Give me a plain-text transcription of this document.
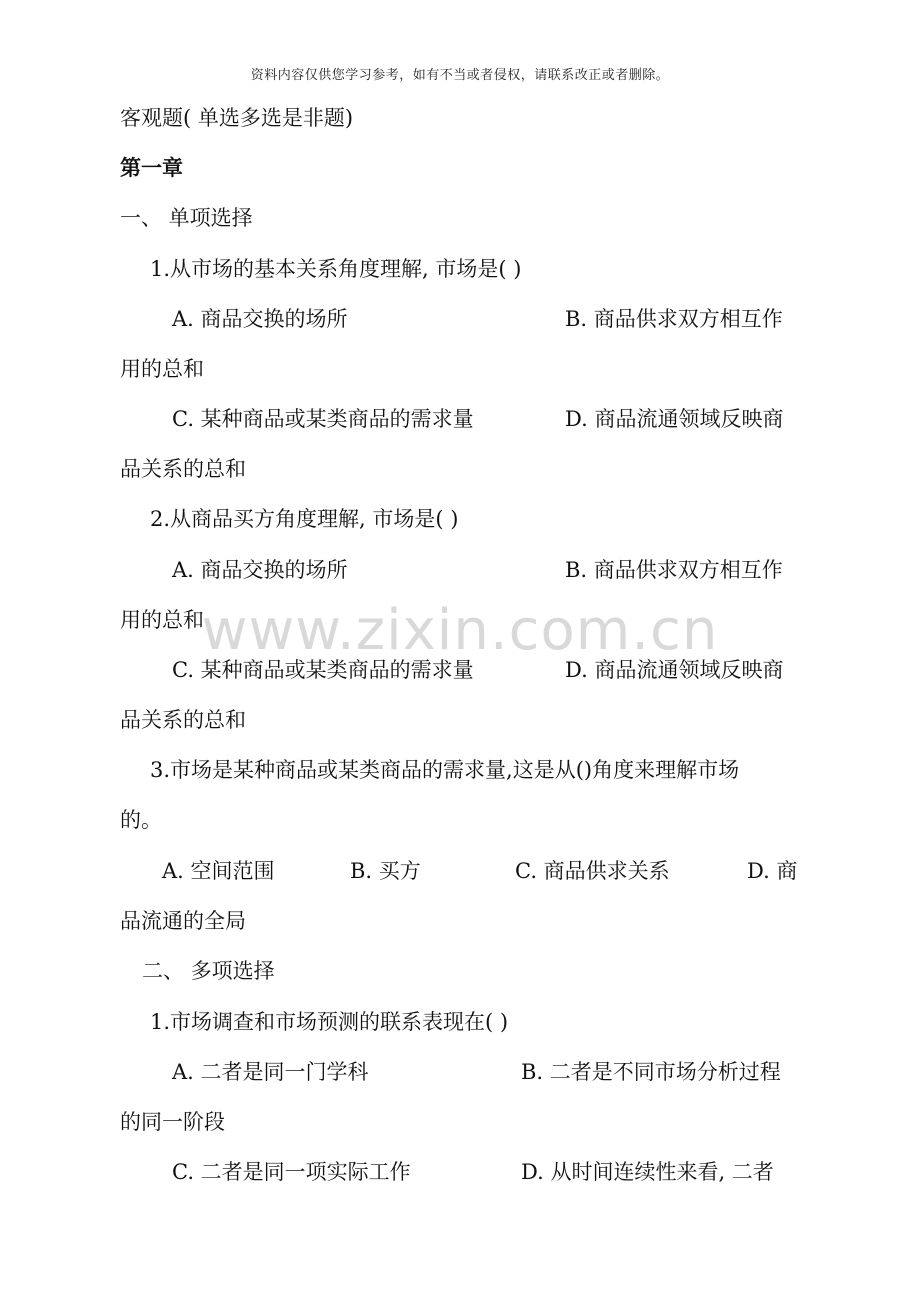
资料内容仅供您学习参考，如有不当或者侵权，请联系改正或者删除。
www.zixin.com.cn
客观题( 单选多选是非题)
第一章
一、 单项选择
1.从市场的基本关系角度理解, 市场是( )
A. 商品交换的场所	B. 商品供求双方相互作
用的总和
C. 某种商品或某类商品的需求量	D. 商品流通领域反映商
品关系的总和
2.从商品买方角度理解, 市场是( )
A. 商品交换的场所	B. 商品供求双方相互作
用的总和
C. 某种商品或某类商品的需求量	D. 商品流通领域反映商
品关系的总和
3.市场是某种商品或某类商品的需求量,这是从()角度来理解市场
的。
A. 空间范围	B. 买方	C. 商品供求关系	D. 商
品流通的全局
二、 多项选择
1.市场调查和市场预测的联系表现在( )
A. 二者是同一门学科	B. 二者是不同市场分析过程
的同一阶段
C. 二者是同一项实际工作	D. 从时间连续性来看, 二者
